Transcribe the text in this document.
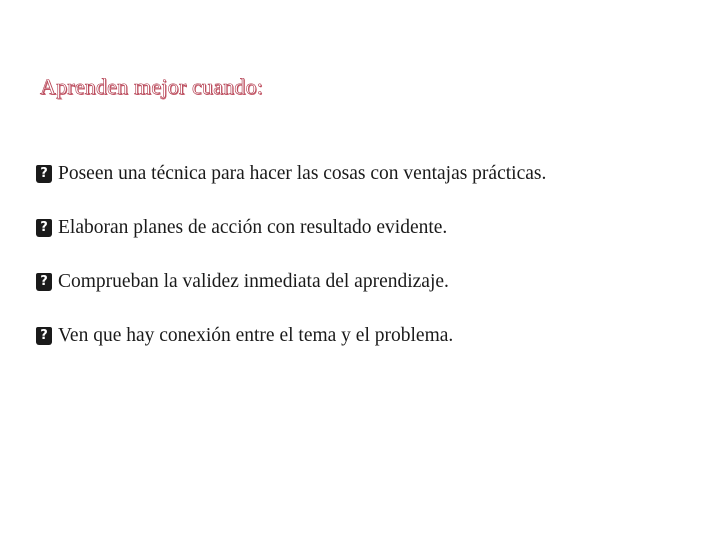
Aprenden mejor cuando:
? Poseen una técnica para hacer las cosas con ventajas prácticas.
? Elaboran planes de acción con resultado evidente.
? Comprueban la validez inmediata del aprendizaje.
? Ven que hay conexión entre el tema y el problema.
